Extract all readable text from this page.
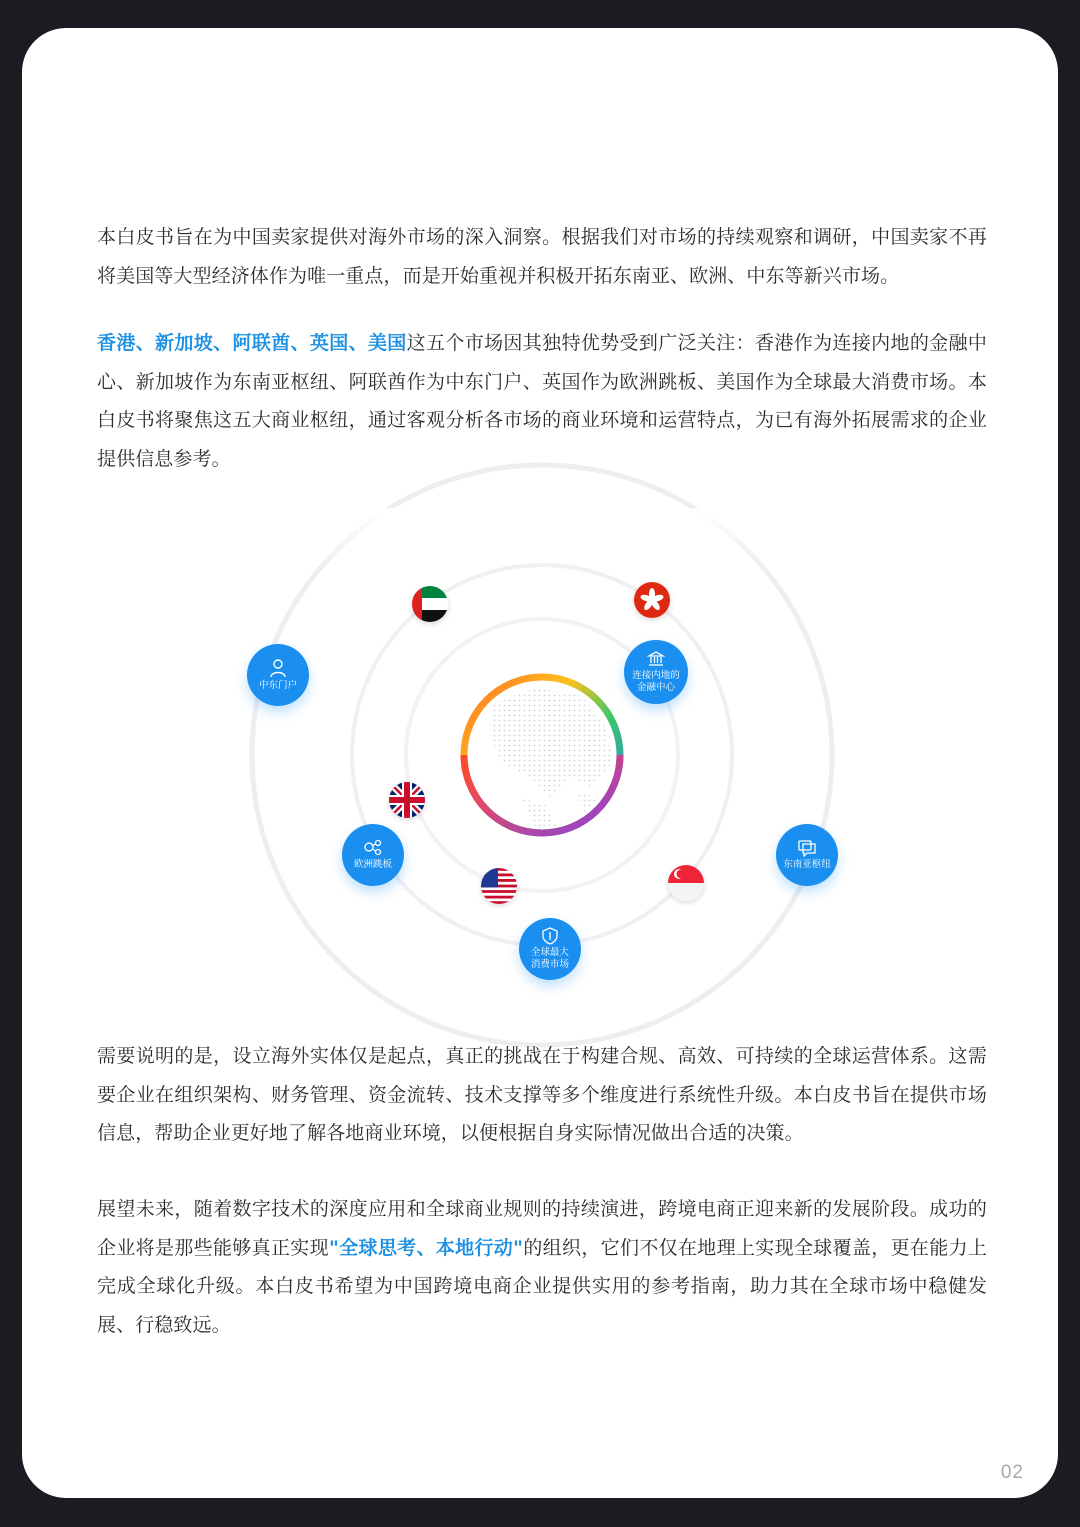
本白皮书旨在为中国卖家提供对海外市场的深入洞察。根据我们对市场的持续观察和调研，中国卖家不再将美国等大型经济体作为唯一重点，而是开始重视并积极开拓东南亚、欧洲、中东等新兴市场。

香港、新加坡、阿联酋、英国、美国这五个市场因其独特优势受到广泛关注：香港作为连接内地的金融中心、新加坡作为东南亚枢纽、阿联酋作为中东门户、英国作为欧洲跳板、美国作为全球最大消费市场。本白皮书将聚焦这五大商业枢纽，通过客观分析各市场的商业环境和运营特点，为已有海外拓展需求的企业提供信息参考。

中东门户
连接内地的
金融中心
欧洲跳板	东南亚枢纽
全球最大
消费市场

需要说明的是，设立海外实体仅是起点，真正的挑战在于构建合规、高效、可持续的全球运营体系。这需要企业在组织架构、财务管理、资金流转、技术支撑等多个维度进行系统性升级。本白皮书旨在提供市场信息，帮助企业更好地了解各地商业环境，以便根据自身实际情况做出合适的决策。

展望未来，随着数字技术的深度应用和全球商业规则的持续演进，跨境电商正迎来新的发展阶段。成功的企业将是那些能够真正实现"全球思考、本地行动"的组织，它们不仅在地理上实现全球覆盖，更在能力上完成全球化升级。本白皮书希望为中国跨境电商企业提供实用的参考指南，助力其在全球市场中稳健发展、行稳致远。

02
